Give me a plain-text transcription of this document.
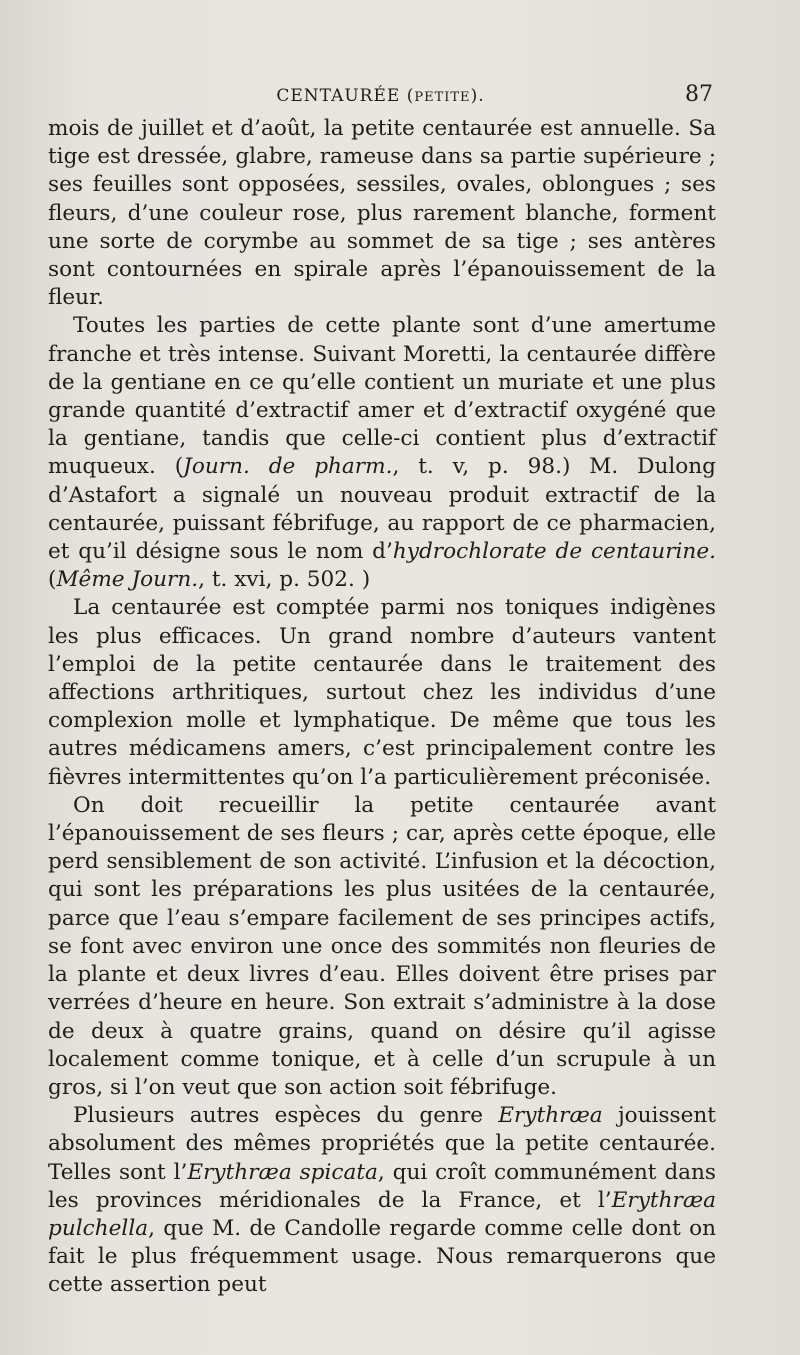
CENTAURÉE (PETITE).	87

mois de juillet et d’août, la petite centaurée est annuelle. Sa tige est dressée, glabre, rameuse dans sa partie supérieure ; ses feuilles sont opposées, sessiles, ovales, oblongues ; ses fleurs, d’une couleur rose, plus rarement blanche, forment une sorte de corymbe au sommet de sa tige ; ses antères sont contournées en spirale après l’épanouissement de la fleur.

Toutes les parties de cette plante sont d’une amertume franche et très intense. Suivant Moretti, la centaurée diffère de la gentiane en ce qu’elle contient un muriate et une plus grande quantité d’extractif amer et d’extractif oxygéné que la gentiane, tandis que celle-ci contient plus d’extractif muqueux. (Journ. de pharm., t. v, p. 98.) M. Dulong d’Astafort a signalé un nouveau produit extractif de la centaurée, puissant fébrifuge, au rapport de ce pharmacien, et qu’il désigne sous le nom d’hydrochlorate de centaurine. (Même Journ., t. xvi, p. 502. )

La centaurée est comptée parmi nos toniques indigènes les plus efficaces. Un grand nombre d’auteurs vantent l’emploi de la petite centaurée dans le traitement des affections arthritiques, surtout chez les individus d’une complexion molle et lymphatique. De même que tous les autres médicamens amers, c’est principalement contre les fièvres intermittentes qu’on l’a particulièrement préconisée.

On doit recueillir la petite centaurée avant l’épanouissement de ses fleurs ; car, après cette époque, elle perd sensiblement de son activité. L’infusion et la décoction, qui sont les préparations les plus usitées de la centaurée, parce que l’eau s’empare facilement de ses principes actifs, se font avec environ une once des sommités non fleuries de la plante et deux livres d’eau. Elles doivent être prises par verrées d’heure en heure. Son extrait s’administre à la dose de deux à quatre grains, quand on désire qu’il agisse localement comme tonique, et à celle d’un scrupule à un gros, si l’on veut que son action soit fébrifuge.

Plusieurs autres espèces du genre Erythræa jouissent absolument des mêmes propriétés que la petite centaurée. Telles sont l’Erythræa spicata, qui croît communément dans les provinces méridionales de la France, et l’Erythræa pulchella, que M. de Candolle regarde comme celle dont on fait le plus fréquemment usage. Nous remarquerons que cette assertion peut
